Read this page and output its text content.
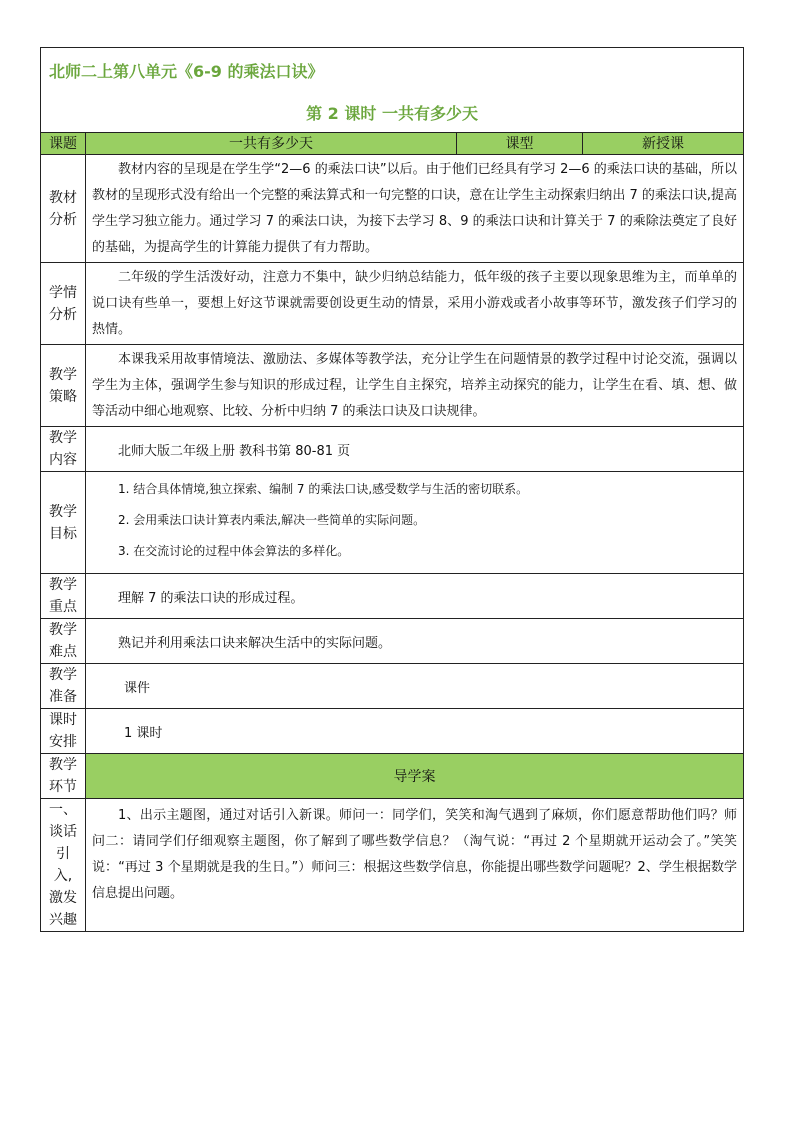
北师二上第八单元《6-9 的乘法口诀》
第 2 课时 一共有多少天			

课题	一共有多少天	课型	新授课

教材分析	教材内容的呈现是在学生学“2—6 的乘法口诀”以后。由于他们已经具有学习 2—6 的乘法口诀的基础，所以教材的呈现形式没有给出一个完整的乘法算式和一句完整的口诀，意在让学生主动探索归纳出 7 的乘法口诀,提高学生学习独立能力。通过学习 7 的乘法口诀，为接下去学习 8、9 的乘法口诀和计算关于 7 的乘除法奠定了良好的基础，为提高学生的计算能力提供了有力帮助。		

学情分析	二年级的学生活泼好动，注意力不集中，缺少归纳总结能力，低年级的孩子主要以现象思维为主，而单单的说口诀有些单一，要想上好这节课就需要创设更生动的情景，采用小游戏或者小故事等环节，激发孩子们学习的热情。		

教学策略	本课我采用故事情境法、激励法、多媒体等教学法，充分让学生在问题情景的教学过程中讨论交流，强调以学生为主体，强调学生参与知识的形成过程，让学生自主探究，培养主动探究的能力，让学生在看、填、想、做等活动中细心地观察、比较、分析中归纳 7 的乘法口诀及口诀规律。		

教学内容	北师大版二年级上册 教科书第 80-81 页		

教学目标	1. 结合具体情境,独立探索、编制 7 的乘法口诀,感受数学与生活的密切联系。
2. 会用乘法口诀计算表内乘法,解决一些简单的实际问题。
3. 在交流讨论的过程中体会算法的多样化。		

教学重点	理解 7 的乘法口诀的形成过程。		

教学难点	熟记并利用乘法口诀来解决生活中的实际问题。		

教学准备	课件		

课时安排	1 课时		

教学环节	导学案		

一、谈话引入,激发兴趣	1、出示主题图，通过对话引入新课。师问一：同学们，笑笑和淘气遇到了麻烦，你们愿意帮助他们吗？师问二：请同学们仔细观察主题图，你了解到了哪些数学信息？（淘气说：“再过 2 个星期就开运动会了。”笑笑说：“再过 3 个星期就是我的生日。”）师问三：根据这些数学信息，你能提出哪些数学问题呢？2、学生根据数学信息提出问题。		
